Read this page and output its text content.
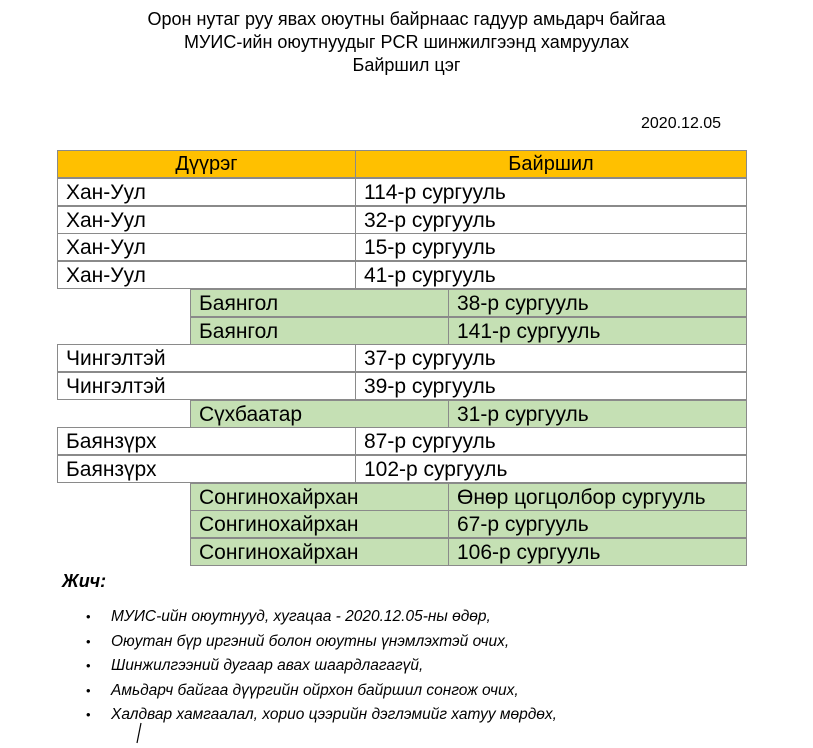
Орон нутаг руу явах оюутны байрнаас гадуур амьдарч байгаа
МУИС-ийн оюутнуудыг PCR шинжилгээнд хамруулах
Байршил цэг
2020.12.05
Дүүрэг	Байршил
Хан-Уул	114-р сургууль
Хан-Уул	32-р сургууль
Хан-Уул	15-р сургууль
Хан-Уул	41-р сургууль
Баянгол	38-р сургууль
Баянгол	141-р сургууль
Чингэлтэй	37-р сургууль
Чингэлтэй	39-р сургууль
Сүхбаатар	31-р сургууль
Баянзүрх	87-р сургууль
Баянзүрх	102-р сургууль
Сонгинохайрхан	Өнөр цогцолбор сургууль
Сонгинохайрхан	67-р сургууль
Сонгинохайрхан	106-р сургууль
Жич:
• МУИС-ийн оюутнууд, хугацаа - 2020.12.05-ны өдөр,
• Оюутан бүр иргэний болон оюутны үнэмлэхтэй очих,
• Шинжилгээний дугаар авах шаардлагагүй,
• Амьдарч байгаа дүүргийн ойрхон байршил сонгож очих,
• Халдвар хамгаалал, хорио цээрийн дэглэмийг хатуу мөрдөх,
